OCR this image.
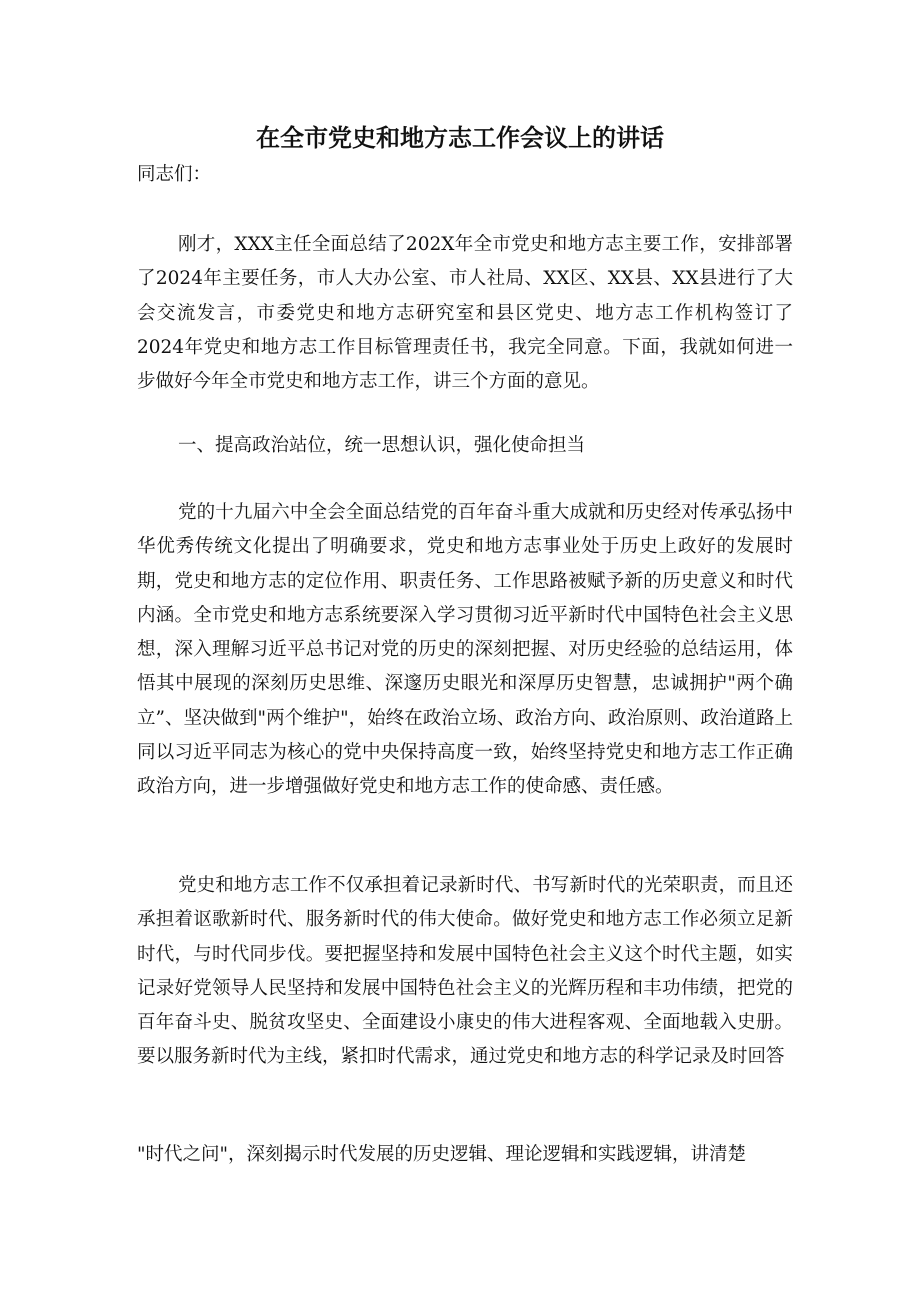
在全市党史和地方志工作会议上的讲话
同志们：
刚才，XXX主任全面总结了202X年全市党史和地方志主要工作，安排部署了2024年主要任务，市人大办公室、市人社局、XX区、XX县、XX县进行了大会交流发言，市委党史和地方志研究室和县区党史、地方志工作机构签订了2024年党史和地方志工作目标管理责任书，我完全同意。下面，我就如何进一步做好今年全市党史和地方志工作，讲三个方面的意见。
一、提高政治站位，统一思想认识，强化使命担当
党的十九届六中全会全面总结党的百年奋斗重大成就和历史经对传承弘扬中华优秀传统文化提出了明确要求，党史和地方志事业处于历史上政好的发展时期，党史和地方志的定位作用、职责任务、工作思路被赋予新的历史意义和时代内涵。全市党史和地方志系统要深入学习贯彻习近平新时代中国特色社会主义思想，深入理解习近平总书记对党的历史的深刻把握、对历史经验的总结运用，体悟其中展现的深刻历史思维、深邃历史眼光和深厚历史智慧，忠诚拥护"两个确立”、坚决做到"两个维护"，始终在政治立场、政治方向、政治原则、政治道路上同以习近平同志为核心的党中央保持高度一致，始终坚持党史和地方志工作正确政治方向，进一步增强做好党史和地方志工作的使命感、责任感。
党史和地方志工作不仅承担着记录新时代、书写新时代的光荣职责，而且还承担着讴歌新时代、服务新时代的伟大使命。做好党史和地方志工作必须立足新时代，与时代同步伐。要把握坚持和发展中国特色社会主义这个时代主题，如实记录好党领导人民坚持和发展中国特色社会主义的光辉历程和丰功伟绩，把党的百年奋斗史、脱贫攻坚史、全面建设小康史的伟大进程客观、全面地载入史册。要以服务新时代为主线，紧扣时代需求，通过党史和地方志的科学记录及时回答
"时代之问"，深刻揭示时代发展的历史逻辑、理论逻辑和实践逻辑，讲清楚
